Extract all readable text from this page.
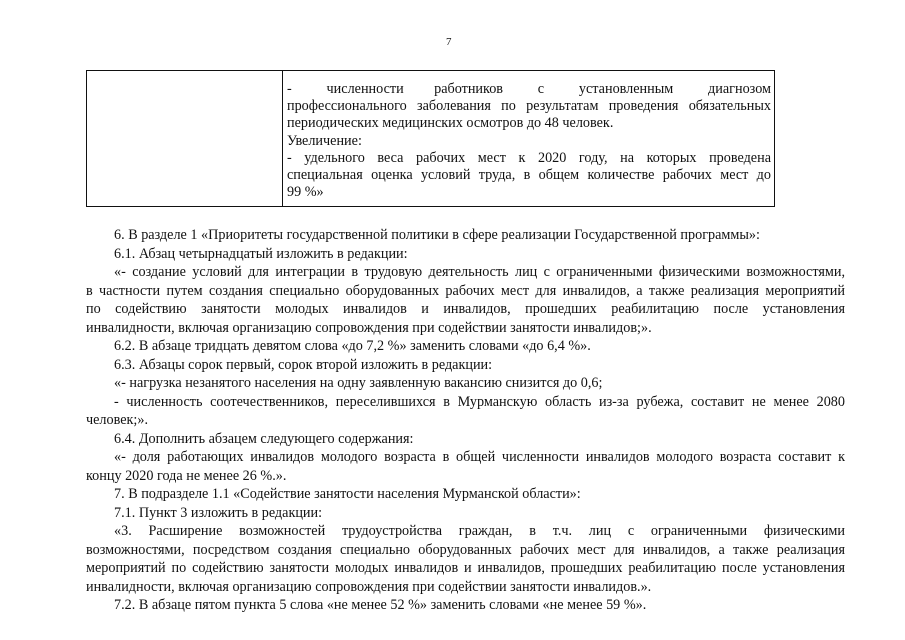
7
-        численности       работников        с        установленным        диагнозом
профессионального заболевания по результатам проведения обязательных
периодических медицинских осмотров до 48 человек.
Увеличение:
- удельного веса рабочих мест к 2020 году, на которых проведена
специальная оценка условий труда, в общем количестве рабочих мест до
99 %»
6. В разделе 1 «Приоритеты государственной политики в сфере реализации Государственной программы»:
6.1. Абзац четырнадцатый изложить в редакции:
«- создание условий для интеграции в трудовую деятельность лиц с ограниченными физическими возможностями,
в частности путем создания специально оборудованных рабочих мест для инвалидов, а также реализация мероприятий
по содействию занятости молодых инвалидов и инвалидов, прошедших реабилитацию после установления
инвалидности, включая организацию сопровождения при содействии занятости инвалидов;».
6.2. В абзаце тридцать девятом слова «до 7,2 %» заменить словами «до 6,4 %».
6.3. Абзацы сорок первый, сорок второй изложить в редакции:
«- нагрузка незанятого населения на одну заявленную вакансию снизится до 0,6;
- численность соотечественников, переселившихся в Мурманскую область из-за рубежа, составит не менее 2080
человек;».
6.4. Дополнить абзацем следующего содержания:
«- доля работающих инвалидов молодого возраста в общей численности инвалидов молодого возраста составит к
концу 2020 года не менее 26 %.».
7. В подразделе 1.1 «Содействие занятости населения Мурманской области»:
7.1. Пункт 3 изложить в редакции:
«3. Расширение возможностей трудоустройства граждан, в т.ч. лиц с ограниченными физическими
возможностями, посредством создания специально оборудованных рабочих мест для инвалидов, а также реализация
мероприятий по содействию занятости молодых инвалидов и инвалидов, прошедших реабилитацию после установления
инвалидности, включая организацию сопровождения при содействии занятости инвалидов.».
7.2. В абзаце пятом пункта 5 слова «не менее 52 %» заменить словами «не менее 59 %».
